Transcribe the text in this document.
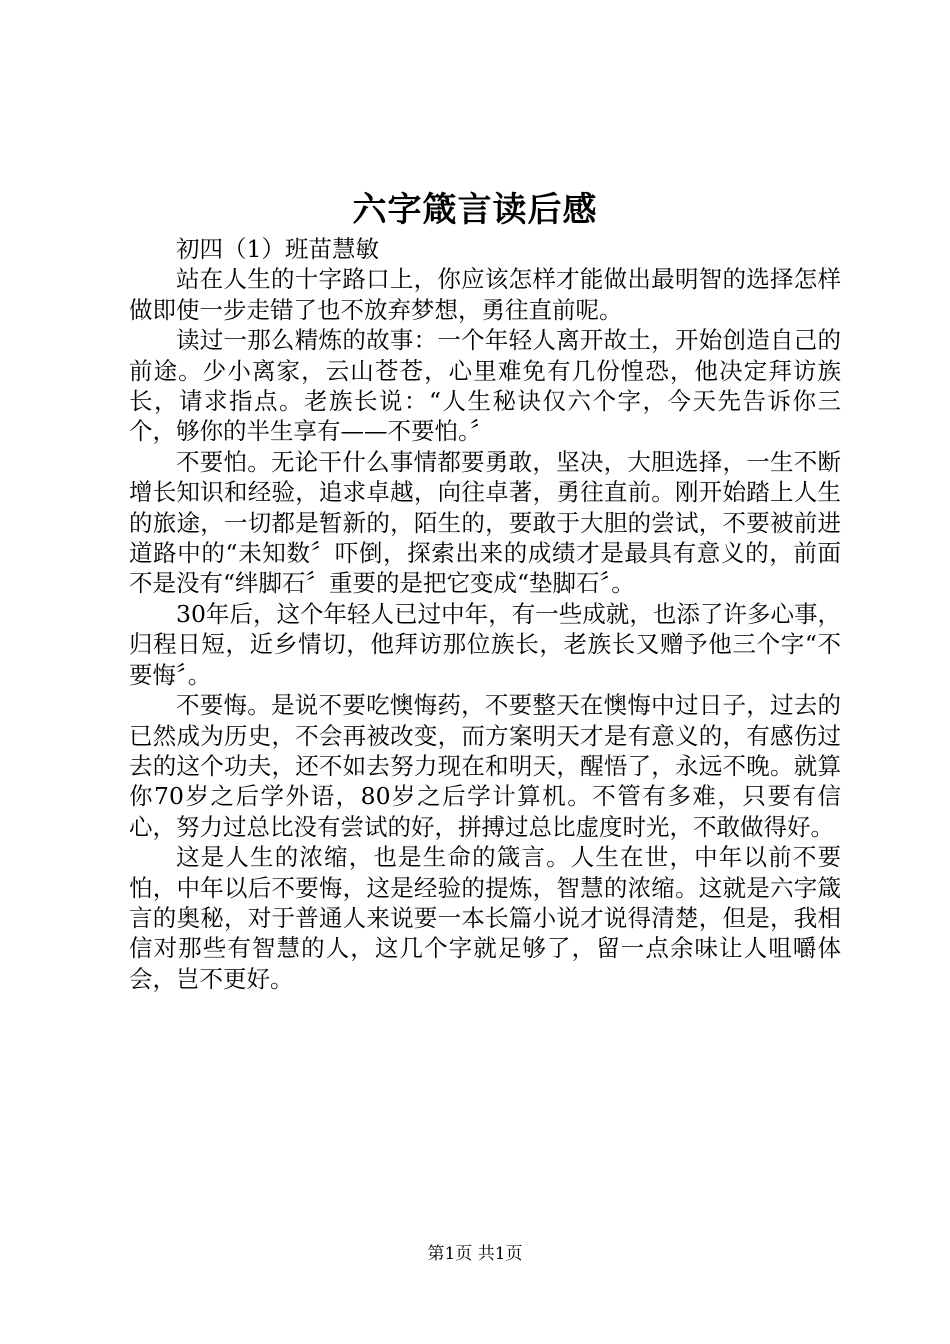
六字箴言读后感

初四（1）班苗慧敏

站在人生的十字路口上，你应该怎样才能做出最明智的选择怎样做即使一步走错了也不放弃梦想，勇往直前呢。

读过一那么精炼的故事：一个年轻人离开故土，开始创造自己的前途。少小离家，云山苍苍，心里难免有几份惶恐，他决定拜访族长，请求指点。老族长说：“人生秘诀仅六个字，今天先告诉你三个，够你的半生享有——不要怕。〞

不要怕。无论干什么事情都要勇敢，坚决，大胆选择，一生不断增长知识和经验，追求卓越，向往卓著，勇往直前。刚开始踏上人生的旅途，一切都是暂新的，陌生的，要敢于大胆的尝试，不要被前进道路中的“未知数〞吓倒，探索出来的成绩才是最具有意义的，前面不是没有“绊脚石〞重要的是把它变成“垫脚石〞。

30年后，这个年轻人已过中年，有一些成就，也添了许多心事，归程日短，近乡情切，他拜访那位族长，老族长又赠予他三个字“不要悔〞。

不要悔。是说不要吃懊悔药，不要整天在懊悔中过日子，过去的已然成为历史，不会再被改变，而方案明天才是有意义的，有感伤过去的这个功夫，还不如去努力现在和明天，醒悟了，永远不晚。就算你70岁之后学外语，80岁之后学计算机。不管有多难，只要有信心，努力过总比没有尝试的好，拼搏过总比虚度时光，不敢做得好。

这是人生的浓缩，也是生命的箴言。人生在世，中年以前不要怕，中年以后不要悔，这是经验的提炼，智慧的浓缩。这就是六字箴言的奥秘，对于普通人来说要一本长篇小说才说得清楚，但是，我相信对那些有智慧的人，这几个字就足够了，留一点余味让人咀嚼体会，岂不更好。

第1页 共1页
